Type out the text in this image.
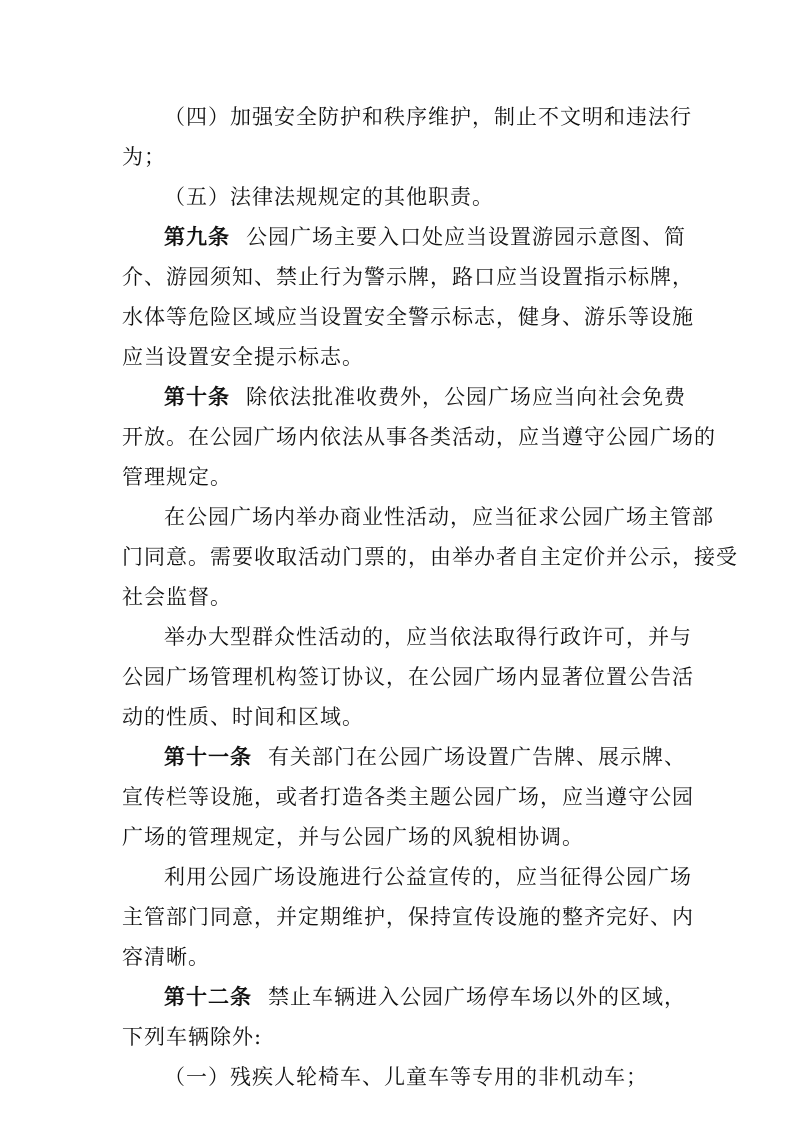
（四）加强安全防护和秩序维护，制止不文明和违法行
为；
（五）法律法规规定的其他职责。
第九条 公园广场主要入口处应当设置游园示意图、简
介、游园须知、禁止行为警示牌，路口应当设置指示标牌，
水体等危险区域应当设置安全警示标志，健身、游乐等设施
应当设置安全提示标志。
第十条 除依法批准收费外，公园广场应当向社会免费
开放。在公园广场内依法从事各类活动，应当遵守公园广场的
管理规定。
在公园广场内举办商业性活动，应当征求公园广场主管部
门同意。需要收取活动门票的，由举办者自主定价并公示，接受
社会监督。
举办大型群众性活动的，应当依法取得行政许可，并与
公园广场管理机构签订协议，在公园广场内显著位置公告活
动的性质、时间和区域。
第十一条 有关部门在公园广场设置广告牌、展示牌、
宣传栏等设施，或者打造各类主题公园广场，应当遵守公园
广场的管理规定，并与公园广场的风貌相协调。
利用公园广场设施进行公益宣传的，应当征得公园广场
主管部门同意，并定期维护，保持宣传设施的整齐完好、内
容清晰。
第十二条 禁止车辆进入公园广场停车场以外的区域，
下列车辆除外:
（一）残疾人轮椅车、儿童车等专用的非机动车；
